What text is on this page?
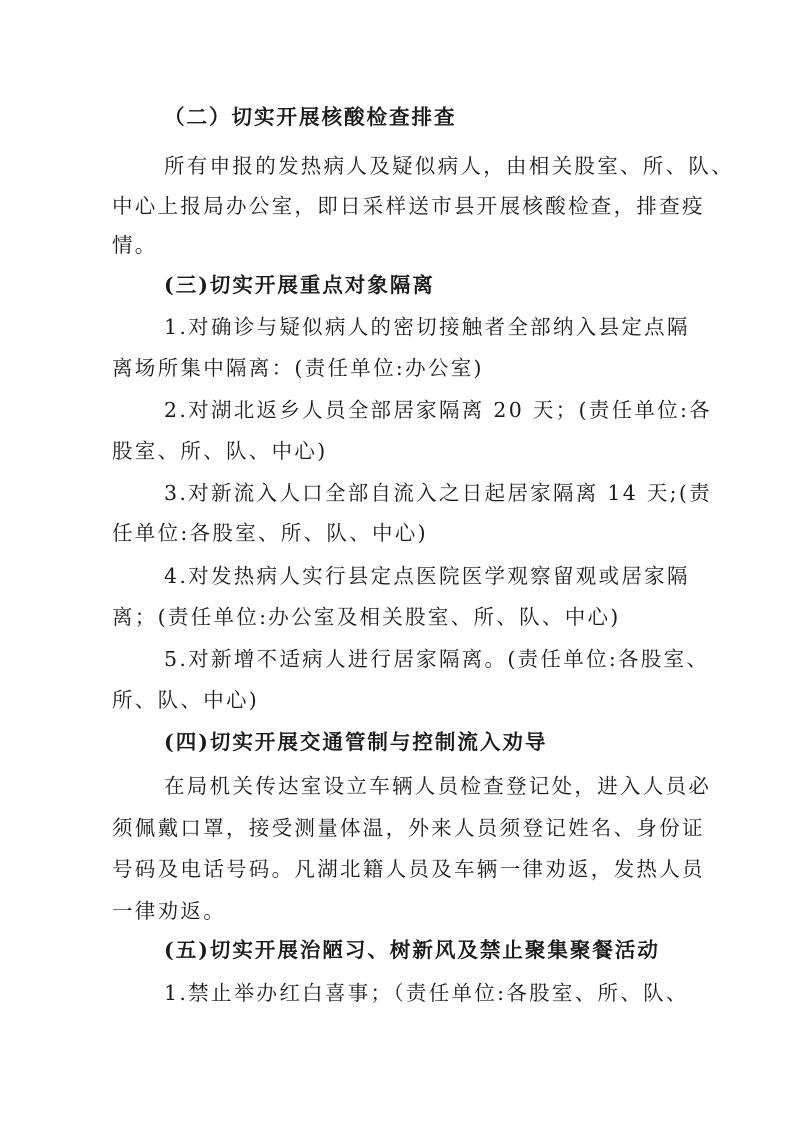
（二）切实开展核酸检查排查
所有申报的发热病人及疑似病人，由相关股室、所、队、
中心上报局办公室，即日采样送市县开展核酸检查，排查疫
情。
(三)切实开展重点对象隔离
1.对确诊与疑似病人的密切接触者全部纳入县定点隔
离场所集中隔离：(责任单位:办公室)
2.对湖北返乡人员全部居家隔离 20 天；(责任单位:各
股室、所、队、中心)
3.对新流入人口全部自流入之日起居家隔离 14 天;(责
任单位:各股室、所、队、中心)
4.对发热病人实行县定点医院医学观察留观或居家隔
离；(责任单位:办公室及相关股室、所、队、中心)
5.对新增不适病人进行居家隔离。(责任单位:各股室、
所、队、中心)
(四)切实开展交通管制与控制流入劝导
在局机关传达室设立车辆人员检查登记处，进入人员必
须佩戴口罩，接受测量体温，外来人员须登记姓名、身份证
号码及电话号码。凡湖北籍人员及车辆一律劝返，发热人员
一律劝返。
(五)切实开展治陋习、树新风及禁止聚集聚餐活动
1.禁止举办红白喜事；（责任单位:各股室、所、队、
